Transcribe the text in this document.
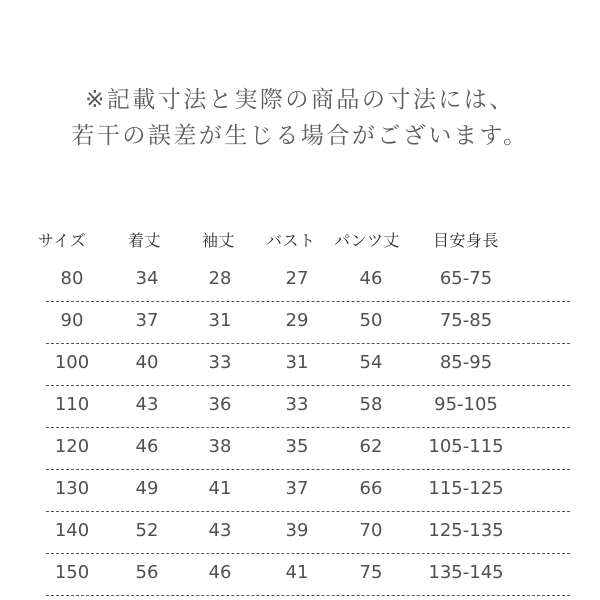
※記載寸法と実際の商品の寸法には、
若干の誤差が生じる場合がございます。
サイズ	着丈	袖丈 バスト パンツ丈 目安身長
80	34	28	27	46	65-75
90	37	31	29	50	75-85
100	40	33	31	54	85-95
110	43	36	33	58	95-105
120	46	38	35	62	105-115
130	49	41	37	66	115-125
140	52	43	39	70	125-135
150	56	46	41	75	135-145
